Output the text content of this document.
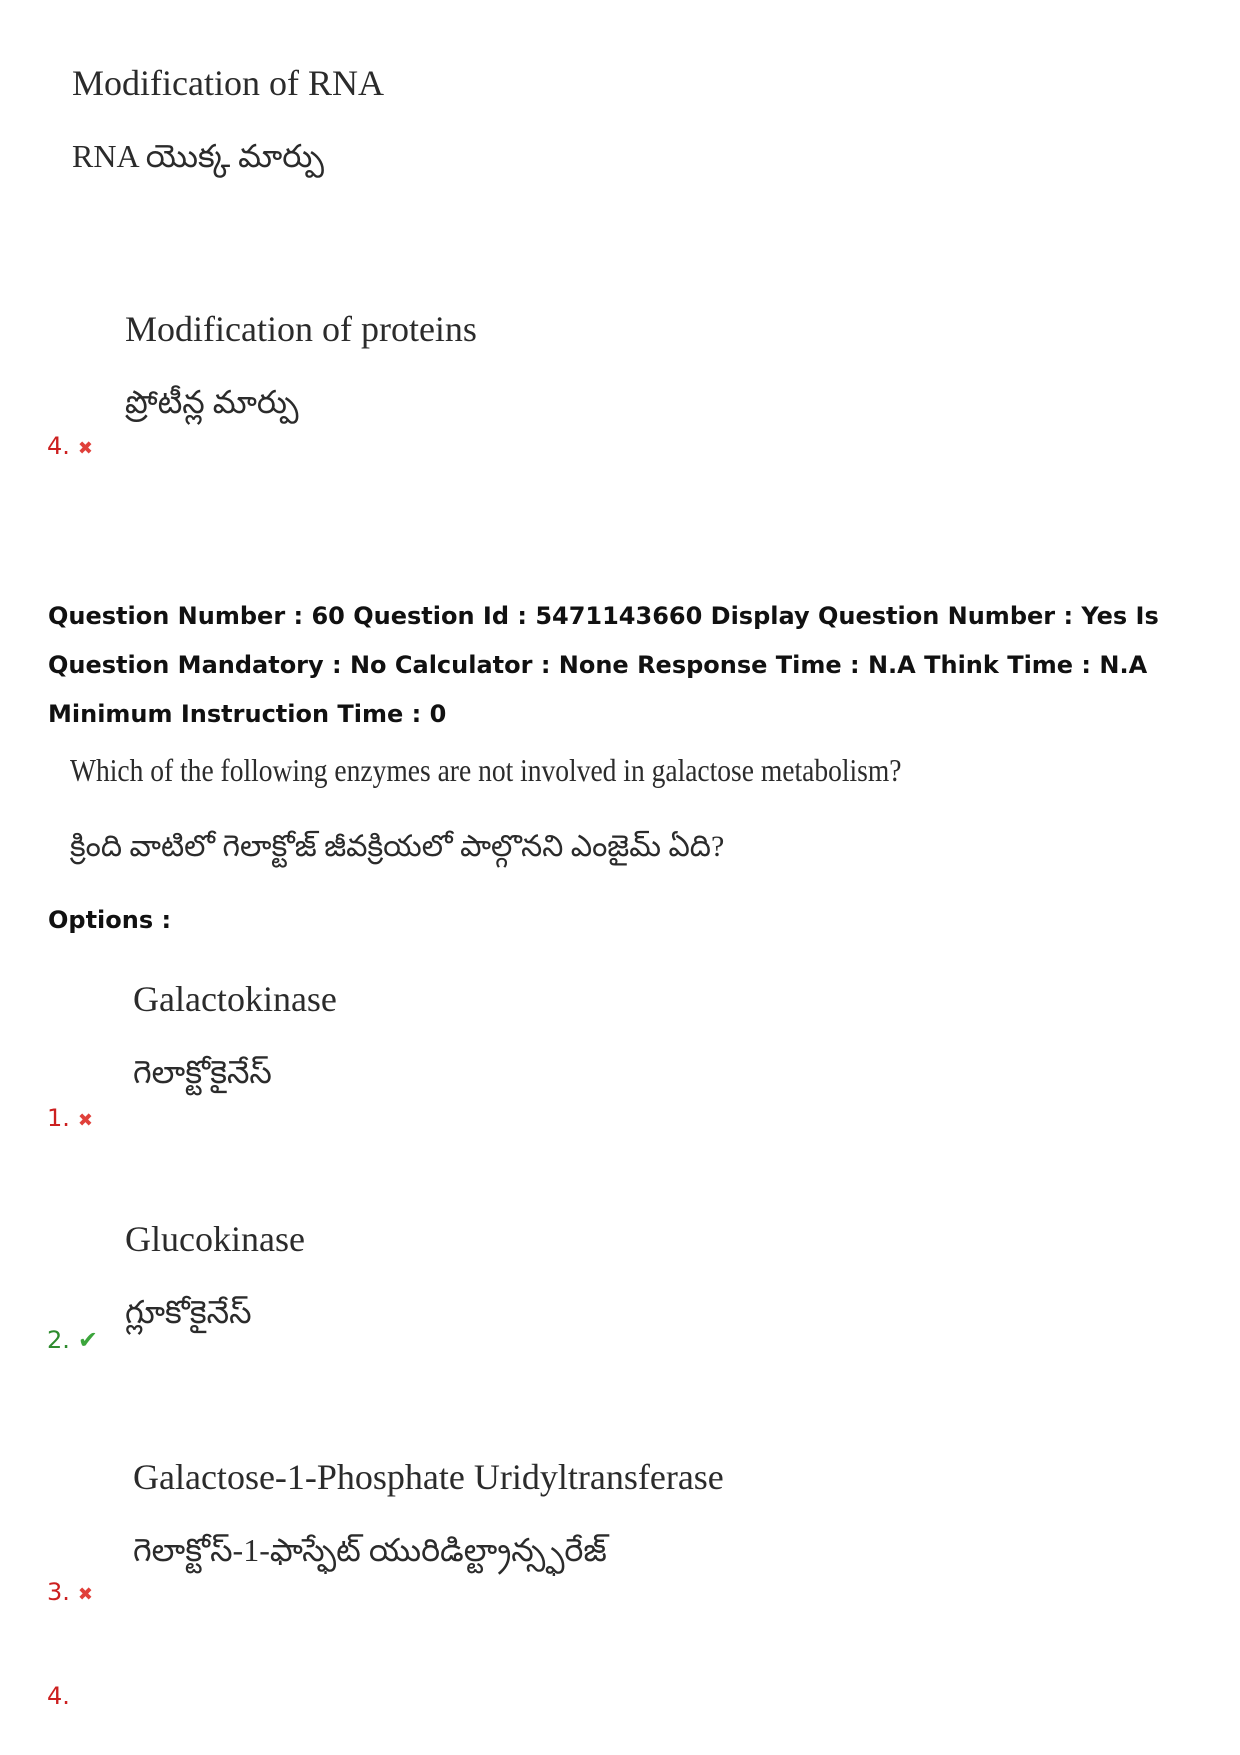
Modification of RNA
RNA యొక్క మార్పు
Modification of proteins
ప్రోటీన్ల మార్పు
4. ✖
Question Number : 60 Question Id : 5471143660 Display Question Number : Yes Is Question Mandatory : No Calculator : None Response Time : N.A Think Time : N.A Minimum Instruction Time : 0
Which of the following enzymes are not involved in galactose metabolism?
క్రింది వాటిలో గెలాక్టోజ్ జీవక్రియలో పాల్గొనని ఎంజైమ్ ఏది?
Options :
Galactokinase
గెలాక్టోకైనేస్
1. ✖
Glucokinase
గ్లూకోకైనేస్
2. ✔
Galactose-1-Phosphate Uridyltransferase
గెలాక్టోస్-1-ఫాస్ఫేట్ యురిడిల్ట్రాన్స్ఫరేజ్
3. ✖
4.
